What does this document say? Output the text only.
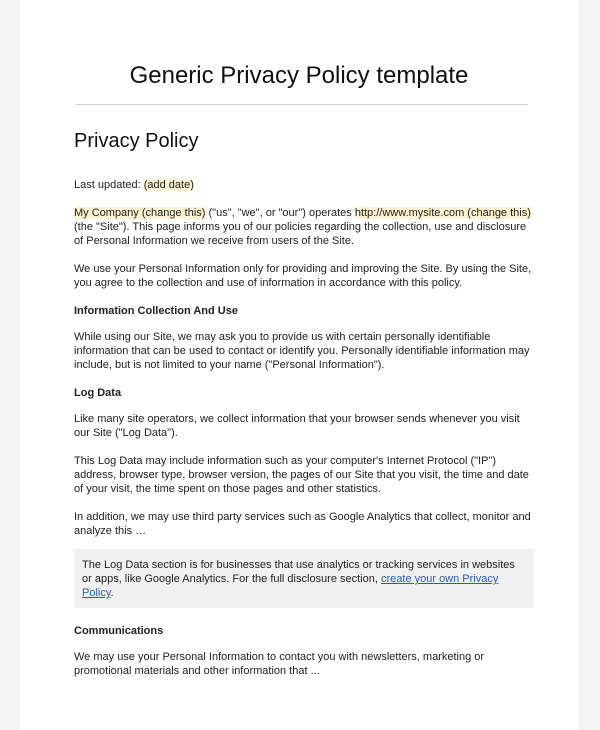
Generic Privacy Policy template
Privacy Policy

Last updated: (add date)

My Company (change this) ("us", "we", or "our") operates http://www.mysite.com (change this) (the "Site"). This page informs you of our policies regarding the collection, use and disclosure of Personal Information we receive from users of the Site.

We use your Personal Information only for providing and improving the Site. By using the Site, you agree to the collection and use of information in accordance with this policy.

Information Collection And Use

While using our Site, we may ask you to provide us with certain personally identifiable information that can be used to contact or identify you. Personally identifiable information may include, but is not limited to your name ("Personal Information").

Log Data

Like many site operators, we collect information that your browser sends whenever you visit our Site ("Log Data").

This Log Data may include information such as your computer's Internet Protocol ("IP") address, browser type, browser version, the pages of our Site that you visit, the time and date of your visit, the time spent on those pages and other statistics.

In addition, we may use third party services such as Google Analytics that collect, monitor and analyze this …

The Log Data section is for businesses that use analytics or tracking services in websites or apps, like Google Analytics. For the full disclosure section, create your own Privacy Policy.
Communications

We may use your Personal Information to contact you with newsletters, marketing or promotional materials and other information that ...
